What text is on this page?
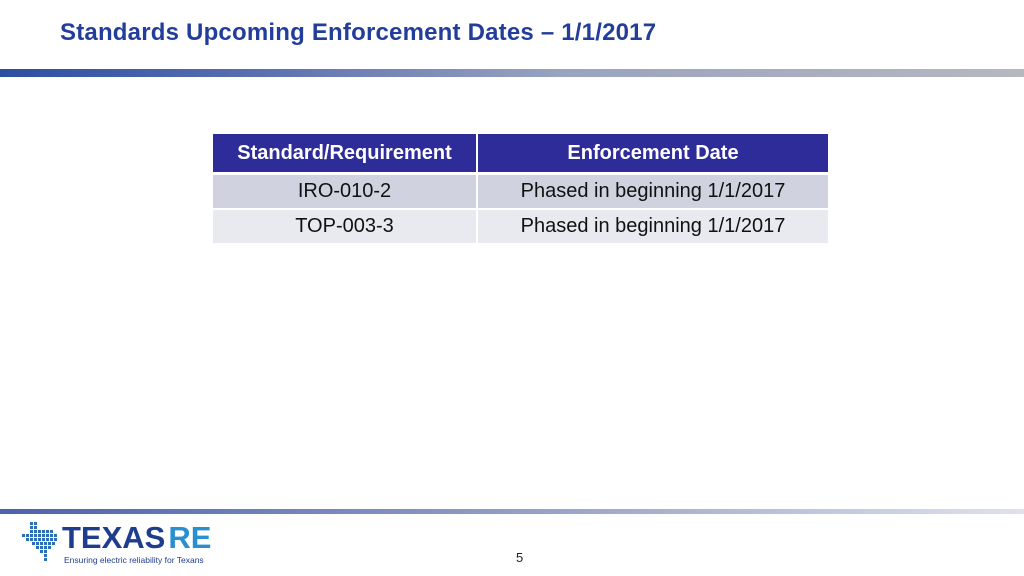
Standards Upcoming Enforcement Dates – 1/1/2017
Standard/Requirement	Enforcement Date
IRO-010-2	Phased in beginning 1/1/2017
TOP-003-3	Phased in beginning 1/1/2017
TEXASRE
Ensuring electric reliability for Texans	5
